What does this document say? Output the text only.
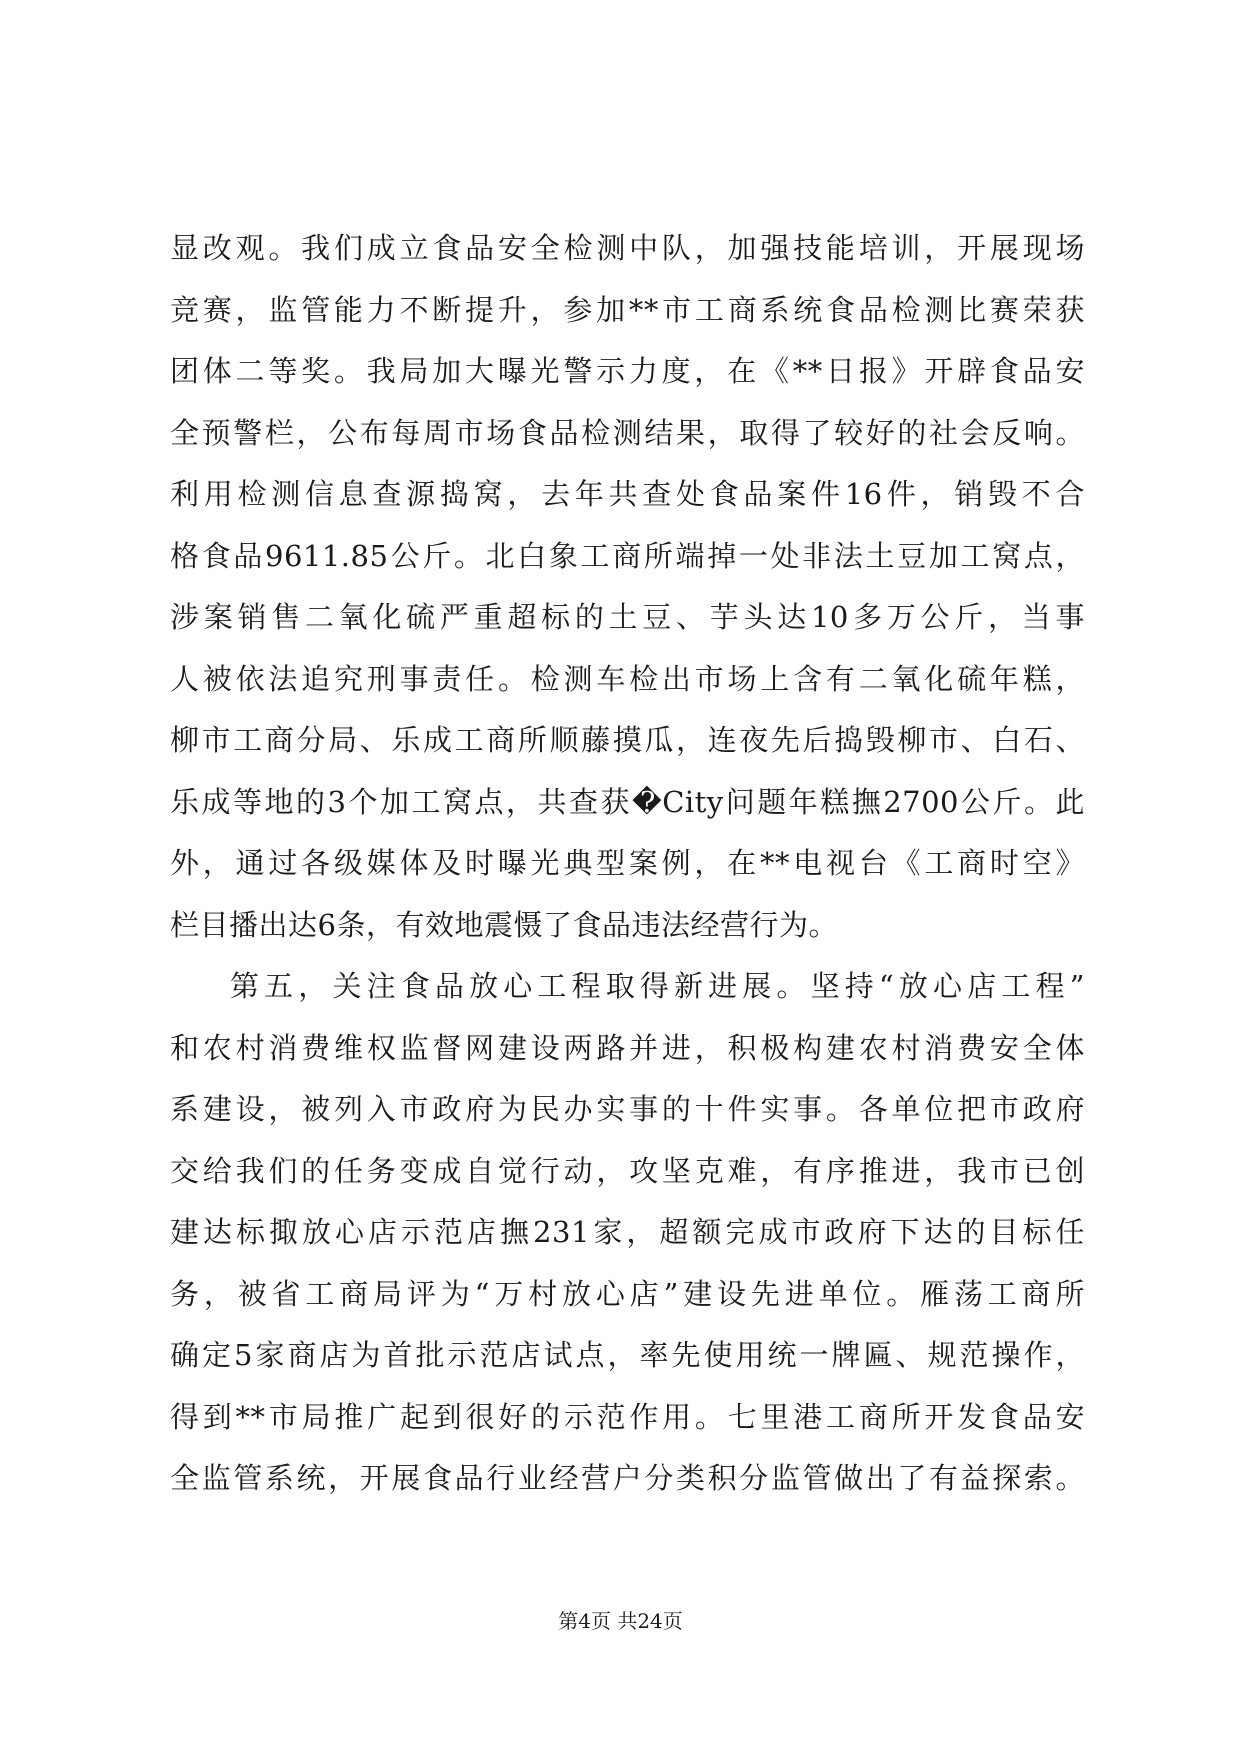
显改观。我们成立食品安全检测中队，加强技能培训，开展现场
竞赛，监管能力不断提升，参加**市工商系统食品检测比赛荣获
团体二等奖。我局加大曝光警示力度，在《**日报》开辟食品安
全预警栏，公布每周市场食品检测结果，取得了较好的社会反响。
利用检测信息查源捣窝，去年共查处食品案件16件，销毁不合
格食品9611.85公斤。北白象工商所端掉一处非法土豆加工窝点，
涉案销售二氧化硫严重超标的土豆、芋头达10多万公斤，当事
人被依法追究刑事责任。检测车检出市场上含有二氧化硫年糕，
柳市工商分局、乐成工商所顺藤摸瓜，连夜先后捣毁柳市、白石、
乐成等地的3个加工窝点，共查获�City问题年糕撫2700公斤。此
外，通过各级媒体及时曝光典型案例，在**电视台《工商时空》
栏目播出达6条，有效地震慑了食品违法经营行为。
第五，关注食品放心工程取得新进展。坚持“放心店工程”
和农村消费维权监督网建设两路并进，积极构建农村消费安全体
系建设，被列入市政府为民办实事的十件实事。各单位把市政府
交给我们的任务变成自觉行动，攻坚克难，有序推进，我市已创
建达标掫放心店示范店撫231家，超额完成市政府下达的目标任
务，被省工商局评为“万村放心店”建设先进单位。雁荡工商所
确定5家商店为首批示范店试点，率先使用统一牌匾、规范操作，
得到**市局推广起到很好的示范作用。七里港工商所开发食品安
全监管系统，开展食品行业经营户分类积分监管做出了有益探索。
第4页 共24页
